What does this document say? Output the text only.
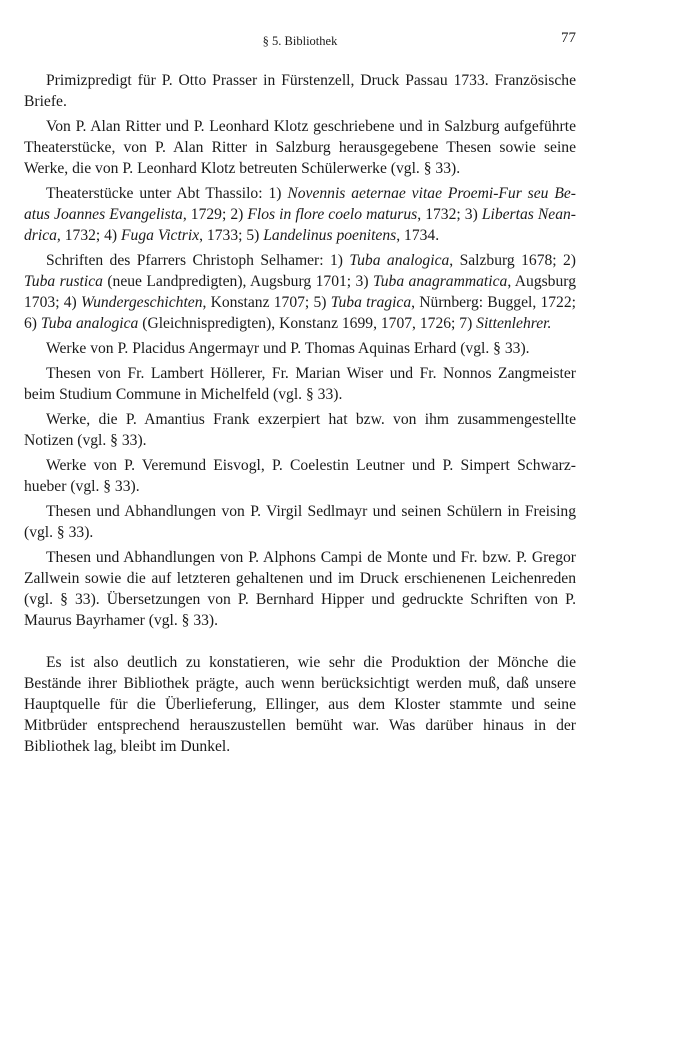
§ 5. Bibliothek	77

Primizpredigt für P. Otto Prasser in Fürstenzell, Druck Passau 1733. Französische Briefe.

Von P. Alan Ritter und P. Leonhard Klotz geschriebene und in Salzburg aufgeführte Theaterstücke, von P. Alan Ritter in Salzburg herausgegebene Thesen sowie seine Werke, die von P. Leonhard Klotz betreuten Schülerwerke (vgl. § 33).

Theaterstücke unter Abt Thassilo: 1) Novennis aeternae vitae Proemi-Fur seu Beatus Joannes Evangelista, 1729; 2) Flos in flore coelo maturus, 1732; 3) Libertas Neandrica, 1732; 4) Fuga Victrix, 1733; 5) Landelinus poenitens, 1734.

Schriften des Pfarrers Christoph Selhamer: 1) Tuba analogica, Salzburg 1678; 2) Tuba rustica (neue Landpredigten), Augsburg 1701; 3) Tuba anagrammatica, Augsburg 1703; 4) Wundergeschichten, Konstanz 1707; 5) Tuba tragica, Nürnberg: Buggel, 1722; 6) Tuba analogica (Gleichnispredigten), Konstanz 1699, 1707, 1726; 7) Sittenlehrer.

Werke von P. Placidus Angermayr und P. Thomas Aquinas Erhard (vgl. § 33).

Thesen von Fr. Lambert Höllerer, Fr. Marian Wiser und Fr. Nonnos Zangmeister beim Studium Commune in Michelfeld (vgl. § 33).

Werke, die P. Amantius Frank exzerpiert hat bzw. von ihm zusammengestellte Notizen (vgl. § 33).

Werke von P. Veremund Eisvogl, P. Coelestin Leutner und P. Simpert Schwarzhueber (vgl. § 33).

Thesen und Abhandlungen von P. Virgil Sedlmayr und seinen Schülern in Freising (vgl. § 33).

Thesen und Abhandlungen von P. Alphons Campi de Monte und Fr. bzw. P. Gregor Zallwein sowie die auf letzteren gehaltenen und im Druck erschienenen Leichenreden (vgl. § 33). Übersetzungen von P. Bernhard Hipper und gedruckte Schriften von P. Maurus Bayrhamer (vgl. § 33).

Es ist also deutlich zu konstatieren, wie sehr die Produktion der Mönche die Bestände ihrer Bibliothek prägte, auch wenn berücksichtigt werden muß, daß unsere Hauptquelle für die Überlieferung, Ellinger, aus dem Kloster stammte und seine Mitbrüder entsprechend herauszustellen bemüht war. Was darüber hinaus in der Bibliothek lag, bleibt im Dunkel.
